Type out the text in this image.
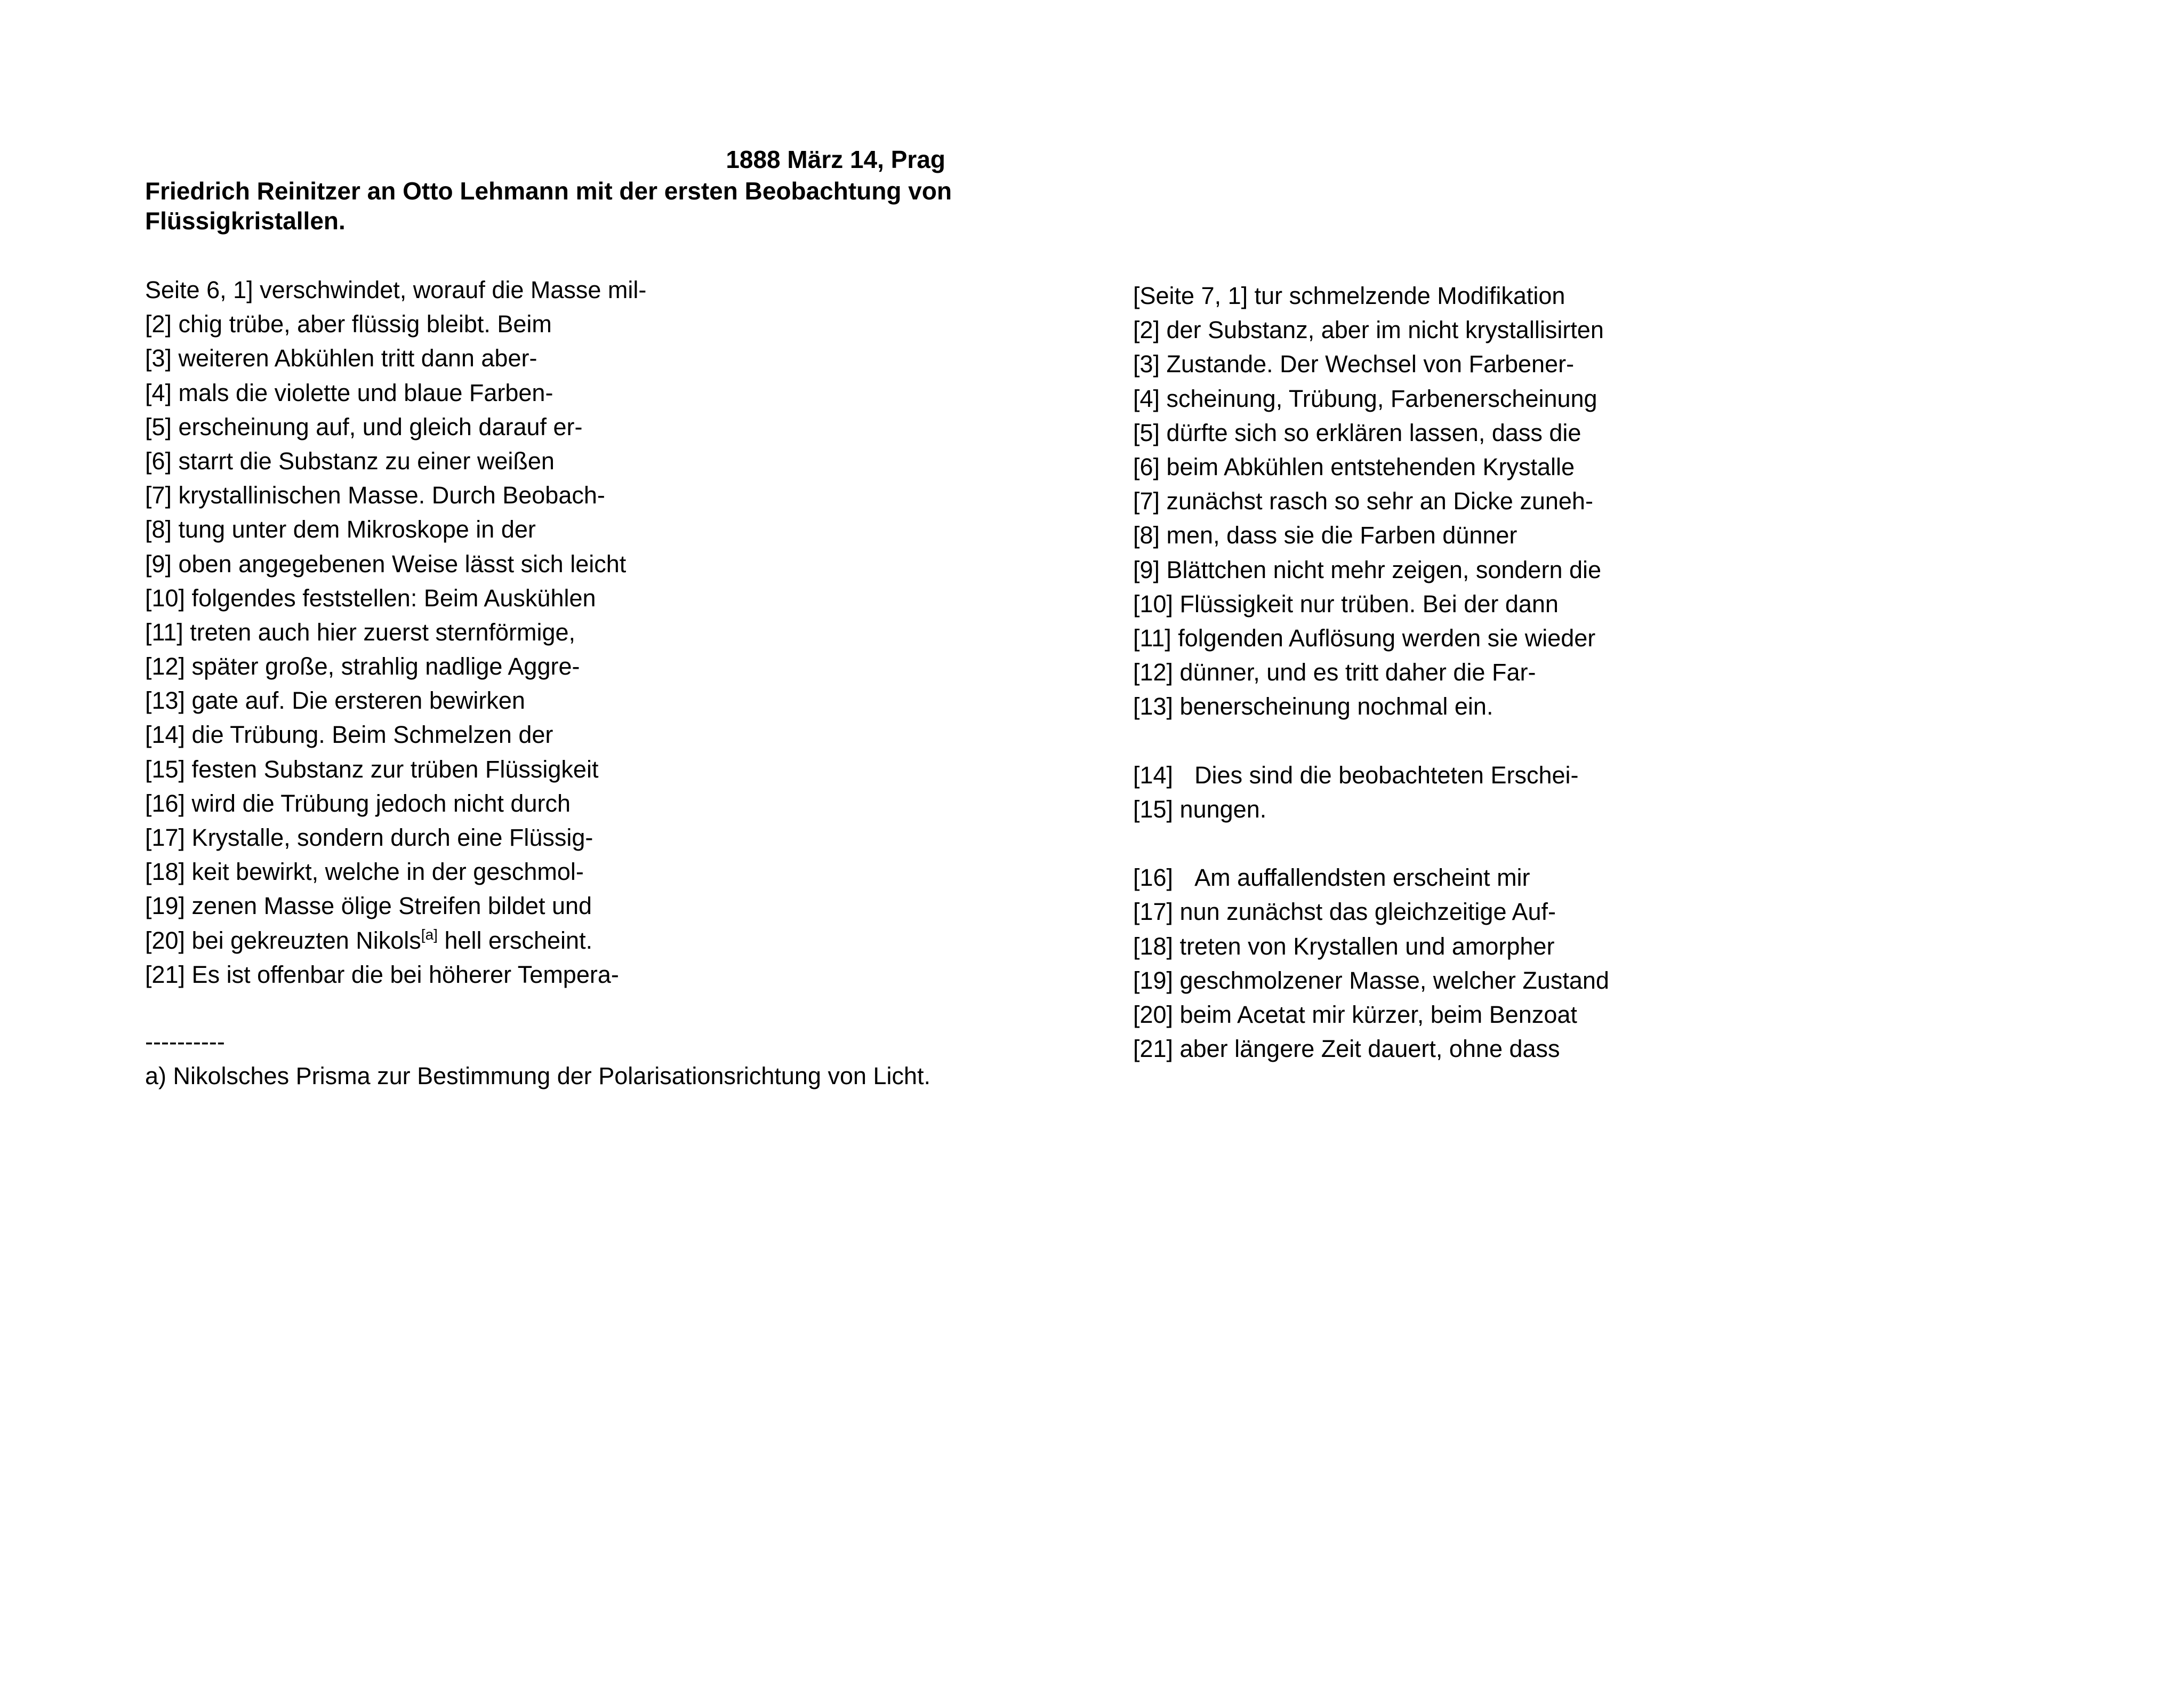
1888 März 14, Prag
Friedrich Reinitzer an Otto Lehmann mit der ersten Beobachtung von Flüssigkristallen.
Seite 6, 1] verschwindet, worauf die Masse mil-
[2] chig trübe, aber flüssig bleibt. Beim
[3] weiteren Abkühlen tritt dann aber-
[4] mals die violette und blaue Farben-
[5] erscheinung auf, und gleich darauf er-
[6] starrt die Substanz zu einer weißen
[7] krystallinischen Masse. Durch Beobach-
[8] tung unter dem Mikroskope in der
[9] oben angegebenen Weise lässt sich leicht
[10] folgendes feststellen: Beim Auskühlen
[11] treten auch hier zuerst sternförmige,
[12] später große, strahlig nadlige Aggre-
[13] gate auf. Die ersteren bewirken
[14] die Trübung. Beim Schmelzen der
[15] festen Substanz zur trüben Flüssigkeit
[16] wird die Trübung jedoch nicht durch
[17] Krystalle, sondern durch eine Flüssig-
[18] keit bewirkt, welche in der geschmol-
[19] zenen Masse ölige Streifen bildet und
[20] bei gekreuzten Nikols[a] hell erscheint.
[21] Es ist offenbar die bei höherer Tempera-
----------
a) Nikolsches Prisma zur Bestimmung der Polarisationsrichtung von Licht.
[Seite 7, 1] tur schmelzende Modifikation
[2] der Substanz, aber im nicht krystallisirten
[3] Zustande. Der Wechsel von Farbener-
[4] scheinung, Trübung, Farbenerscheinung
[5] dürfte sich so erklären lassen, dass die
[6] beim Abkühlen entstehenden Krystalle
[7] zunächst rasch so sehr an Dicke zuneh-
[8] men, dass sie die Farben dünner
[9] Blättchen nicht mehr zeigen, sondern die
[10] Flüssigkeit nur trüben. Bei der dann
[11] folgenden Auflösung werden sie wieder
[12] dünner, und es tritt daher die Far-
[13] benerscheinung nochmal ein.
[14] Dies sind die beobachteten Erschei-
[15] nungen.
[16] Am auffallendsten erscheint mir
[17] nun zunächst das gleichzeitige Auf-
[18] treten von Krystallen und amorpher
[19] geschmolzener Masse, welcher Zustand
[20] beim Acetat mir kürzer, beim Benzoat
[21] aber längere Zeit dauert, ohne dass
